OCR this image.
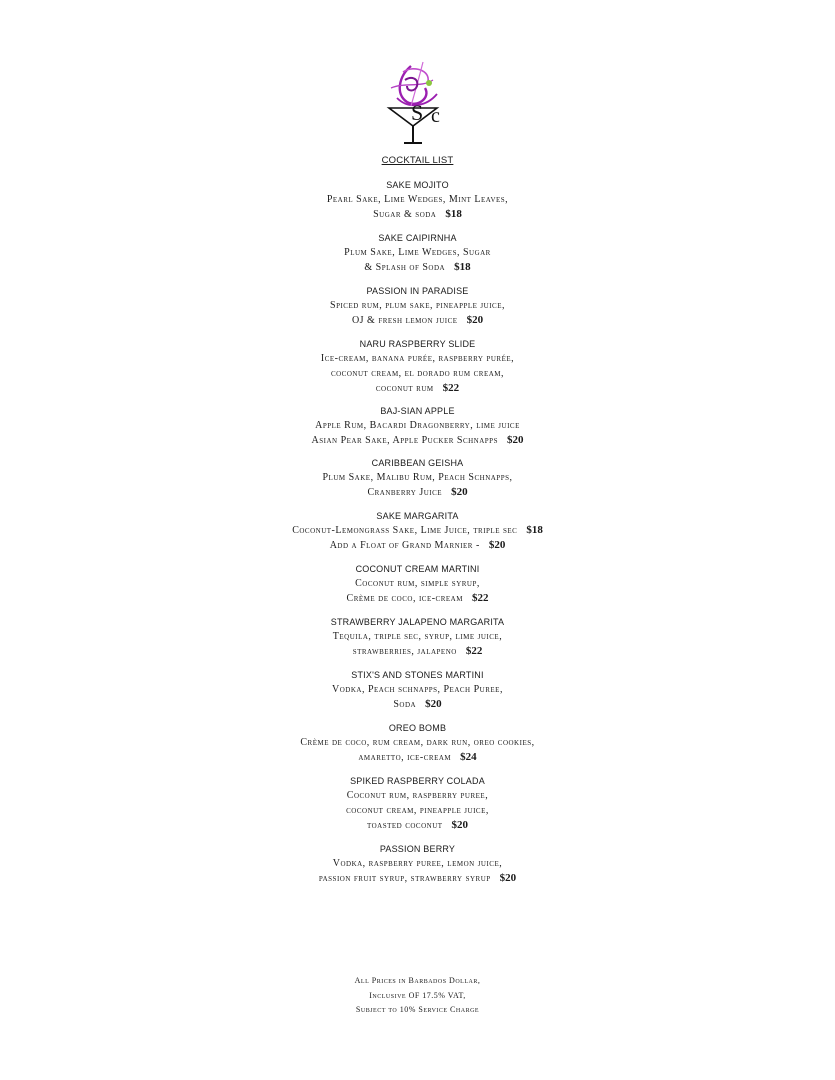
S c
COCKTAIL LIST
SAKE MOJITO
Pearl Sake, Lime Wedges, Mint Leaves,
Sugar & soda $18
SAKE CAIPIRNHA
Plum Sake, Lime Wedges, Sugar
& Splash of Soda $18
PASSION IN PARADISE
Spiced rum, plum sake, pineapple juice,
OJ & fresh lemon juice $20
NARU RASPBERRY SLIDE
Ice-cream, banana purée, raspberry purée,
coconut cream, el dorado rum cream,
coconut rum $22
BAJ-SIAN APPLE
Apple Rum, Bacardi Dragonberry, lime juice
Asian Pear Sake, Apple Pucker Schnapps $20
CARIBBEAN GEISHA
Plum Sake, Malibu Rum, Peach Schnapps,
Cranberry Juice $20
SAKE MARGARITA
Coconut-Lemongrass Sake, Lime Juice, triple sec $18
Add a Float of Grand Marnier - $20
COCONUT CREAM MARTINI
Coconut rum, simple syrup,
Crème de coco, ice-cream $22
STRAWBERRY JALAPENO MARGARITA
Tequila, triple sec, syrup, lime juice,
strawberries, jalapeno $22
STIX'S AND STONES MARTINI
Vodka, Peach schnapps, Peach Puree,
Soda $20
OREO BOMB
Crème de coco, rum cream, dark run, oreo cookies,
amaretto, ice-cream $24
SPIKED RASPBERRY COLADA
Coconut rum, raspberry puree,
coconut cream, pineapple juice,
toasted coconut $20
PASSION BERRY
Vodka, raspberry puree, lemon juice,
passion fruit syrup, strawberry syrup $20
All Prices in Barbados Dollar,
Inclusive OF 17.5% VAT,
Subject to 10% Service Charge
